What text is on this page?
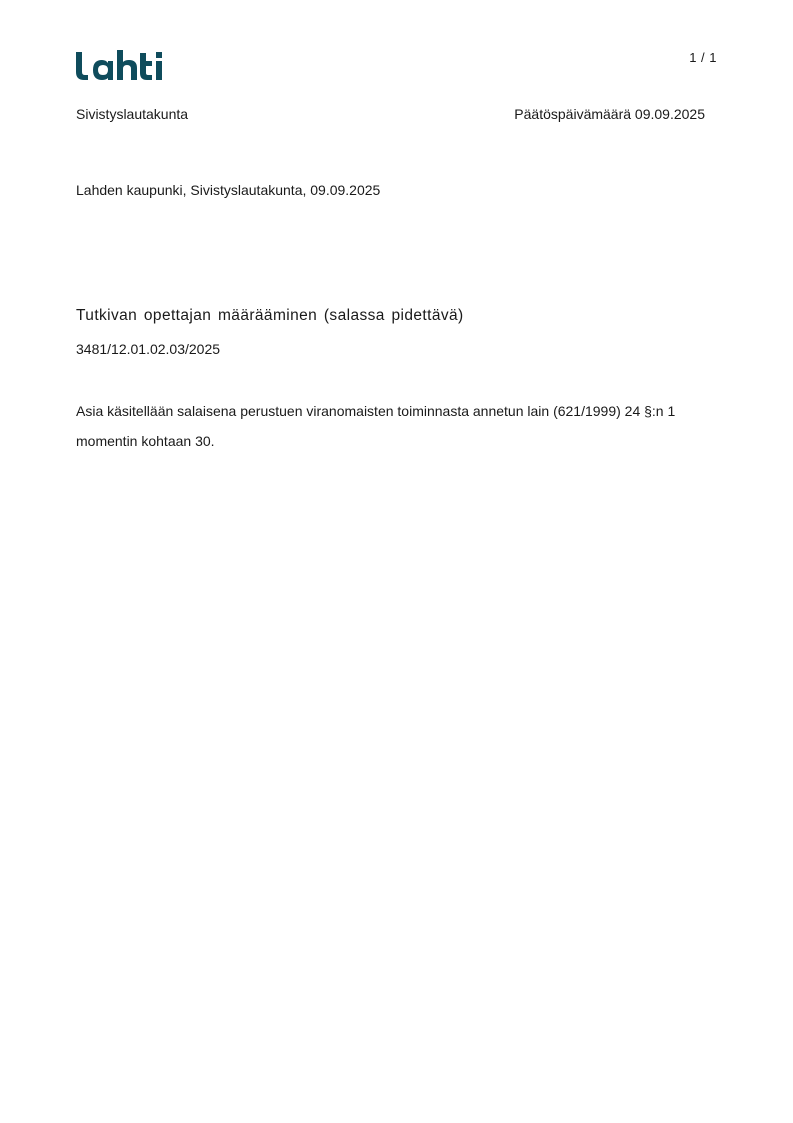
1 / 1
Sivistyslautakunta	Päätöspäivämäärä 09.09.2025
Lahden kaupunki, Sivistyslautakunta, 09.09.2025
Tutkivan opettajan määrääminen (salassa pidettävä)
3481/12.01.02.03/2025

Asia käsitellään salaisena perustuen viranomaisten toiminnasta annetun lain (621/1999) 24 §:n 1

momentin kohtaan 30.
